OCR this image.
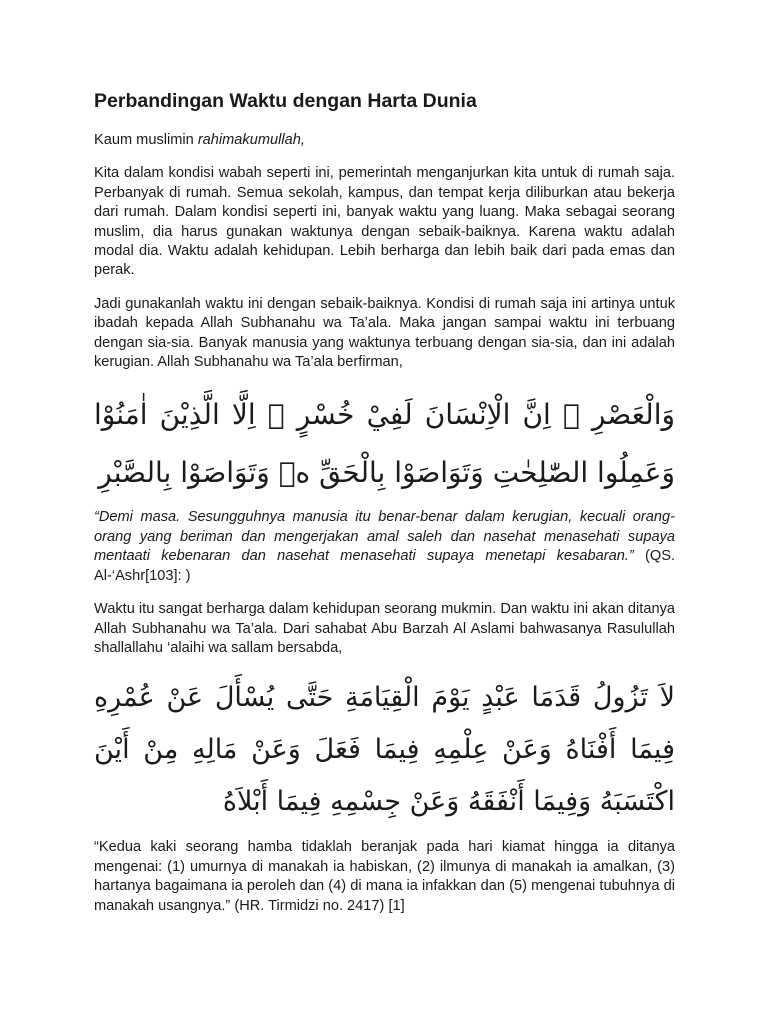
Perbandingan Waktu dengan Harta Dunia

Kaum muslimin rahimakumullah,

Kita dalam kondisi wabah seperti ini, pemerintah menganjurkan kita untuk di rumah saja. Perbanyak di rumah. Semua sekolah, kampus, dan tempat kerja diliburkan atau bekerja dari rumah. Dalam kondisi seperti ini, banyak waktu yang luang. Maka sebagai seorang muslim, dia harus gunakan waktunya dengan sebaik-baiknya. Karena waktu adalah modal dia. Waktu adalah kehidupan. Lebih berharga dan lebih baik dari pada emas dan perak.

Jadi gunakanlah waktu ini dengan sebaik-baiknya. Kondisi di rumah saja ini artinya untuk ibadah kepada Allah Subhanahu wa Ta’ala. Maka jangan sampai waktu ini terbuang dengan sia-sia. Banyak manusia yang waktunya terbuang dengan sia-sia, dan ini adalah kerugian. Allah Subhanahu wa Ta’ala berfirman,

وَالْعَصْرِ ۙ اِنَّ الْاِنْسَانَ لَفِيْ خُسْرٍ ۙ اِلَّا الَّذِيْنَ اٰمَنُوْا وَعَمِلُوا الصّٰلِحٰتِ وَتَوَاصَوْا بِالْحَقِّ ەۙ وَتَوَاصَوْا بِالصَّبْرِ

“Demi masa. Sesungguhnya manusia itu benar-benar dalam kerugian, kecuali orang-orang yang beriman dan mengerjakan amal saleh dan nasehat menasehati supaya mentaati kebenaran dan nasehat menasehati supaya menetapi kesabaran.” (QS. Al-‘Ashr[103]: )

Waktu itu sangat berharga dalam kehidupan seorang mukmin. Dan waktu ini akan ditanya Allah Subhanahu wa Ta’ala. Dari sahabat Abu Barzah Al Aslami bahwasanya Rasulullah shallallahu ‘alaihi wa sallam bersabda,

لاَ تَزُولُ قَدَمَا عَبْدٍ يَوْمَ الْقِيَامَةِ حَتَّى يُسْأَلَ عَنْ عُمْرِهِ فِيمَا أَفْنَاهُ وَعَنْ عِلْمِهِ فِيمَا فَعَلَ وَعَنْ مَالِهِ مِنْ أَيْنَ اكْتَسَبَهُ وَفِيمَا أَنْفَقَهُ وَعَنْ جِسْمِهِ فِيمَا أَبْلاَهُ

“Kedua kaki seorang hamba tidaklah beranjak pada hari kiamat hingga ia ditanya mengenai: (1) umurnya di manakah ia habiskan, (2) ilmunya di manakah ia amalkan, (3) hartanya bagaimana ia peroleh dan (4) di mana ia infakkan dan (5) mengenai tubuhnya di manakah usangnya.” (HR. Tirmidzi no. 2417) [1]
